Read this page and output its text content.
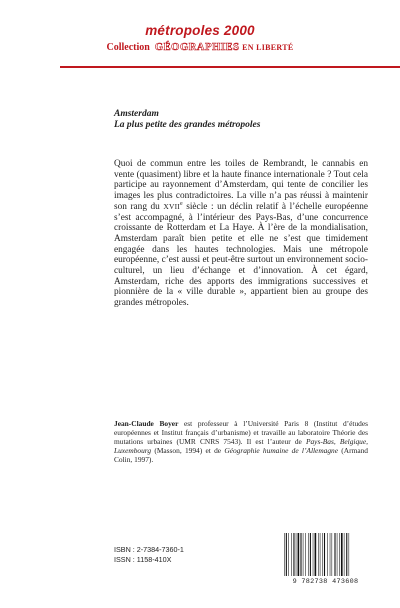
métropoles 2000
Collection GÉOGRAPHIES EN LIBERTÉ
Amsterdam
La plus petite des grandes métropoles
Quoi de commun entre les toiles de Rembrandt, le cannabis en vente (quasiment) libre et la haute finance internationale ? Tout cela participe au rayonnement d’Amsterdam, qui tente de concilier les images les plus contradictoires. La ville n’a pas réussi à maintenir son rang du XVIIe siècle : un déclin relatif à l’échelle européenne s’est accompagné, à l’intérieur des Pays-Bas, d’une concurrence croissante de Rotterdam et La Haye. À l’ère de la mondialisation, Amsterdam paraît bien petite et elle ne s’est que timidement engagée dans les hautes technologies. Mais une métropole européenne, c’est aussi et peut-être surtout un environnement socio-culturel, un lieu d’échange et d’innovation. À cet égard, Amsterdam, riche des apports des immigrations successives et pionnière de la « ville durable », appartient bien au groupe des grandes métropoles.
Jean-Claude Boyer est professeur à l’Université Paris 8 (Institut d’études européennes et Institut français d’urbanisme) et travaille au laboratoire Théorie des mutations urbaines (UMR CNRS 7543). Il est l’auteur de Pays-Bas, Belgique, Luxembourg (Masson, 1994) et de Géographie humaine de l’Allemagne (Armand Colin, 1997).
ISBN : 2-7384-7360-1
ISSN : 1158-410X
9 782738 473608
